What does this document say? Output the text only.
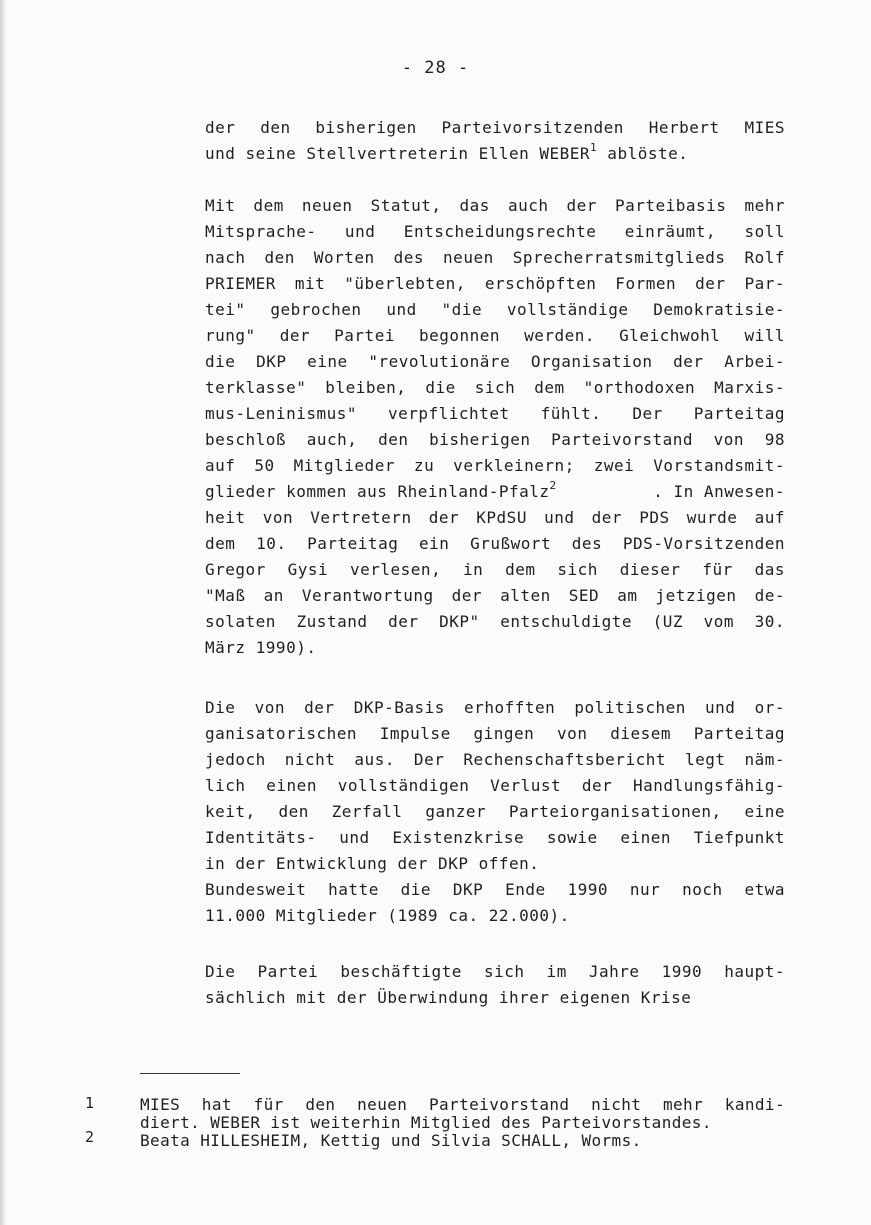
- 28 -
der den bisherigen Parteivorsitzenden Herbert MIES
und seine Stellvertreterin Ellen WEBER$^1$ ablöste.
Mit dem neuen Statut, das auch der Parteibasis mehr
Mitsprache- und Entscheidungsrechte einräumt, soll
nach den Worten des neuen Sprecherratsmitglieds Rolf
PRIEMER mit "überlebten, erschöpften Formen der Par-
tei" gebrochen und "die vollständige Demokratisie-
rung" der Partei begonnen werden. Gleichwohl will
die DKP eine "revolutionäre Organisation der Arbei-
terklasse" bleiben, die sich dem "orthodoxen Marxis-
mus-Leninismus" verpflichtet fühlt. Der Parteitag
beschloß auch, den bisherigen Parteivorstand von 98
auf 50 Mitglieder zu verkleinern; zwei Vorstandsmit-
glieder kommen aus Rheinland-Pfalz$^2$	. In Anwesen-
heit von Vertretern der KPdSU und der PDS wurde auf
dem 10. Parteitag ein Grußwort des PDS-Vorsitzenden
Gregor Gysi verlesen, in dem sich dieser für das
"Maß an Verantwortung der alten SED am jetzigen de-
solaten Zustand der DKP" entschuldigte (UZ vom 30.
März 1990).
Die von der DKP-Basis erhofften politischen und or-
ganisatorischen Impulse gingen von diesem Parteitag
jedoch nicht aus. Der Rechenschaftsbericht legt näm-
lich einen vollständigen Verlust der Handlungsfähig-
keit, den Zerfall ganzer Parteiorganisationen, eine
Identitäts- und Existenzkrise sowie einen Tiefpunkt
in der Entwicklung der DKP offen.
Bundesweit hatte die DKP Ende 1990 nur noch etwa
11.000 Mitglieder (1989 ca. 22.000).
Die Partei beschäftigte sich im Jahre 1990 haupt-
sächlich mit der Überwindung ihrer eigenen Krise
1	MIES hat für den neuen Parteivorstand nicht mehr kandi-
diert. WEBER ist weiterhin Mitglied des Parteivorstandes.
2	Beata HILLESHEIM, Kettig und Silvia SCHALL, Worms.
